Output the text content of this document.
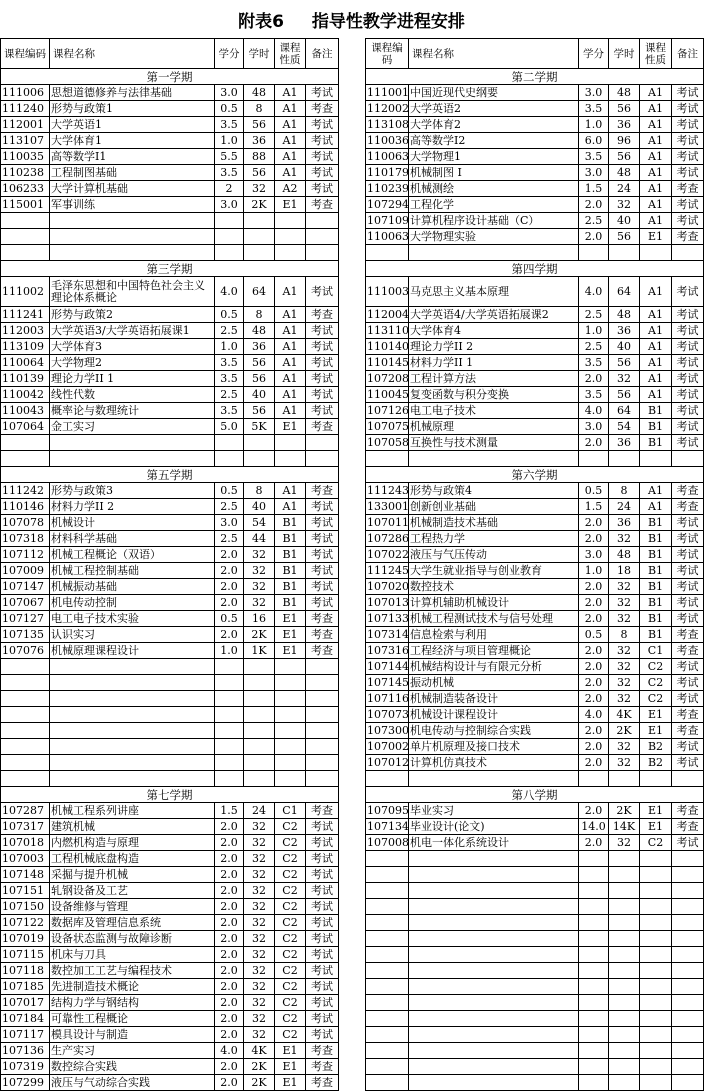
附表6 指导性教学进程安排
课程编码	课程名称	学分	学时	课程性质	备注		课程编码	课程名称	学分	学时	课程性质	备注
第一学期							第二学期					
111006	思想道德修养与法律基础	3.0	48	A1	考试		111001	中国近现代史纲要	3.0	48	A1	考试
111240	形势与政策1	0.5	8	A1	考查		112002	大学英语2	3.5	56	A1	考试
112001	大学英语1	3.5	56	A1	考试		113108	大学体育2	1.0	36	A1	考试
113107	大学体育1	1.0	36	A1	考试		110036	高等数学I2	6.0	96	A1	考试
110035	高等数学I1	5.5	88	A1	考试		110063	大学物理1	3.5	56	A1	考试
110238	工程制图基础	3.5	56	A1	考试		110179	机械制图 I	3.0	48	A1	考试
106233	大学计算机基础	2	32	A2	考试		110239	机械测绘	1.5	24	A1	考查
115001	军事训练	3.0	2K	E1	考查		107294	工程化学	2.0	32	A1	考试
							107109	计算机程序设计基础（C）	2.5	40	A1	考试
							110063	大学物理实验	2.0	56	E1	考查

第三学期							第四学期					
111002	毛泽东思想和中国特色社会主义理论体系概论	4.0	64	A1	考试		111003	马克思主义基本原理	4.0	64	A1	考试
111241	形势与政策2	0.5	8	A1	考查		112004	大学英语4/大学英语拓展课2	2.5	48	A1	考试
112003	大学英语3/大学英语拓展课1	2.5	48	A1	考试		113110	大学体育4	1.0	36	A1	考试
113109	大学体育3	1.0	36	A1	考试		110140	理论力学II 2	2.5	40	A1	考试
110064	大学物理2	3.5	56	A1	考试		110145	材料力学II 1	3.5	56	A1	考试
110139	理论力学II 1	3.5	56	A1	考试		107208	工程计算方法	2.0	32	A1	考试
110042	线性代数	2.5	40	A1	考试		110045	复变函数与积分变换	3.5	56	A1	考试
110043	概率论与数理统计	3.5	56	A1	考试		107126	电工电子技术	4.0	64	B1	考试
107064	金工实习	5.0	5K	E1	考查		107075	机械原理	3.0	54	B1	考试
							107058	互换性与技术测量	2.0	36	B1	考试

第五学期							第六学期					
111242	形势与政策3	0.5	8	A1	考查		111243	形势与政策4	0.5	8	A1	考查
110146	材料力学II 2	2.5	40	A1	考试		133001	创新创业基础	1.5	24	A1	考查
107078	机械设计	3.0	54	B1	考试		107011	机械制造技术基础	2.0	36	B1	考试
107318	材料科学基础	2.5	44	B1	考试		107286	工程热力学	2.0	32	B1	考试
107112	机械工程概论（双语）	2.0	32	B1	考试		107022	液压与气压传动	3.0	48	B1	考试
107009	机械工程控制基础	2.0	32	B1	考试		111245	大学生就业指导与创业教育	1.0	18	B1	考试
107147	机械振动基础	2.0	32	B1	考试		107020	数控技术	2.0	32	B1	考试
107067	机电传动控制	2.0	32	B1	考试		107013	计算机辅助机械设计	2.0	32	B1	考试
107127	电工电子技术实验	0.5	16	E1	考查		107133	机械工程测试技术与信号处理	2.0	32	B1	考试
107135	认识实习	2.0	2K	E1	考查		107314	信息检索与利用	0.5	8	B1	考查
107076	机械原理课程设计	1.0	1K	E1	考查		107316	工程经济与项目管理概论	2.0	32	C1	考查
							107144	机械结构设计与有限元分析	2.0	32	C2	考试
							107145	振动机械	2.0	32	C2	考试
							107116	机械制造装备设计	2.0	32	C2	考试
							107073	机械设计课程设计	4.0	4K	E1	考查
							107300	机电传动与控制综合实践	2.0	2K	E1	考查
							107002	单片机原理及接口技术	2.0	32	B2	考试
							107012	计算机仿真技术	2.0	32	B2	考试

第七学期							第八学期					
107287	机械工程系列讲座	1.5	24	C1	考查		107095	毕业实习	2.0	2K	E1	考查
107317	建筑机械	2.0	32	C2	考试		107134	毕业设计(论文)	14.0	14K	E1	考查
107018	内燃机构造与原理	2.0	32	C2	考试		107008	机电一体化系统设计	2.0	32	C2	考试
107003	工程机械底盘构造	2.0	32	C2	考试							
107148	采掘与提升机械	2.0	32	C2	考试							
107151	轧钢设备及工艺	2.0	32	C2	考试							
107150	设备维修与管理	2.0	32	C2	考试							
107122	数据库及管理信息系统	2.0	32	C2	考试							
107019	设备状态监测与故障诊断	2.0	32	C2	考试							
107115	机床与刀具	2.0	32	C2	考试							
107118	数控加工工艺与编程技术	2.0	32	C2	考试							
107185	先进制造技术概论	2.0	32	C2	考试							
107017	结构力学与钢结构	2.0	32	C2	考试							
107184	可靠性工程概论	2.0	32	C2	考试							
107117	模具设计与制造	2.0	32	C2	考试							
107136	生产实习	4.0	4K	E1	考查							
107319	数控综合实践	2.0	2K	E1	考查							
107299	液压与气动综合实践	2.0	2K	E1	考查							
